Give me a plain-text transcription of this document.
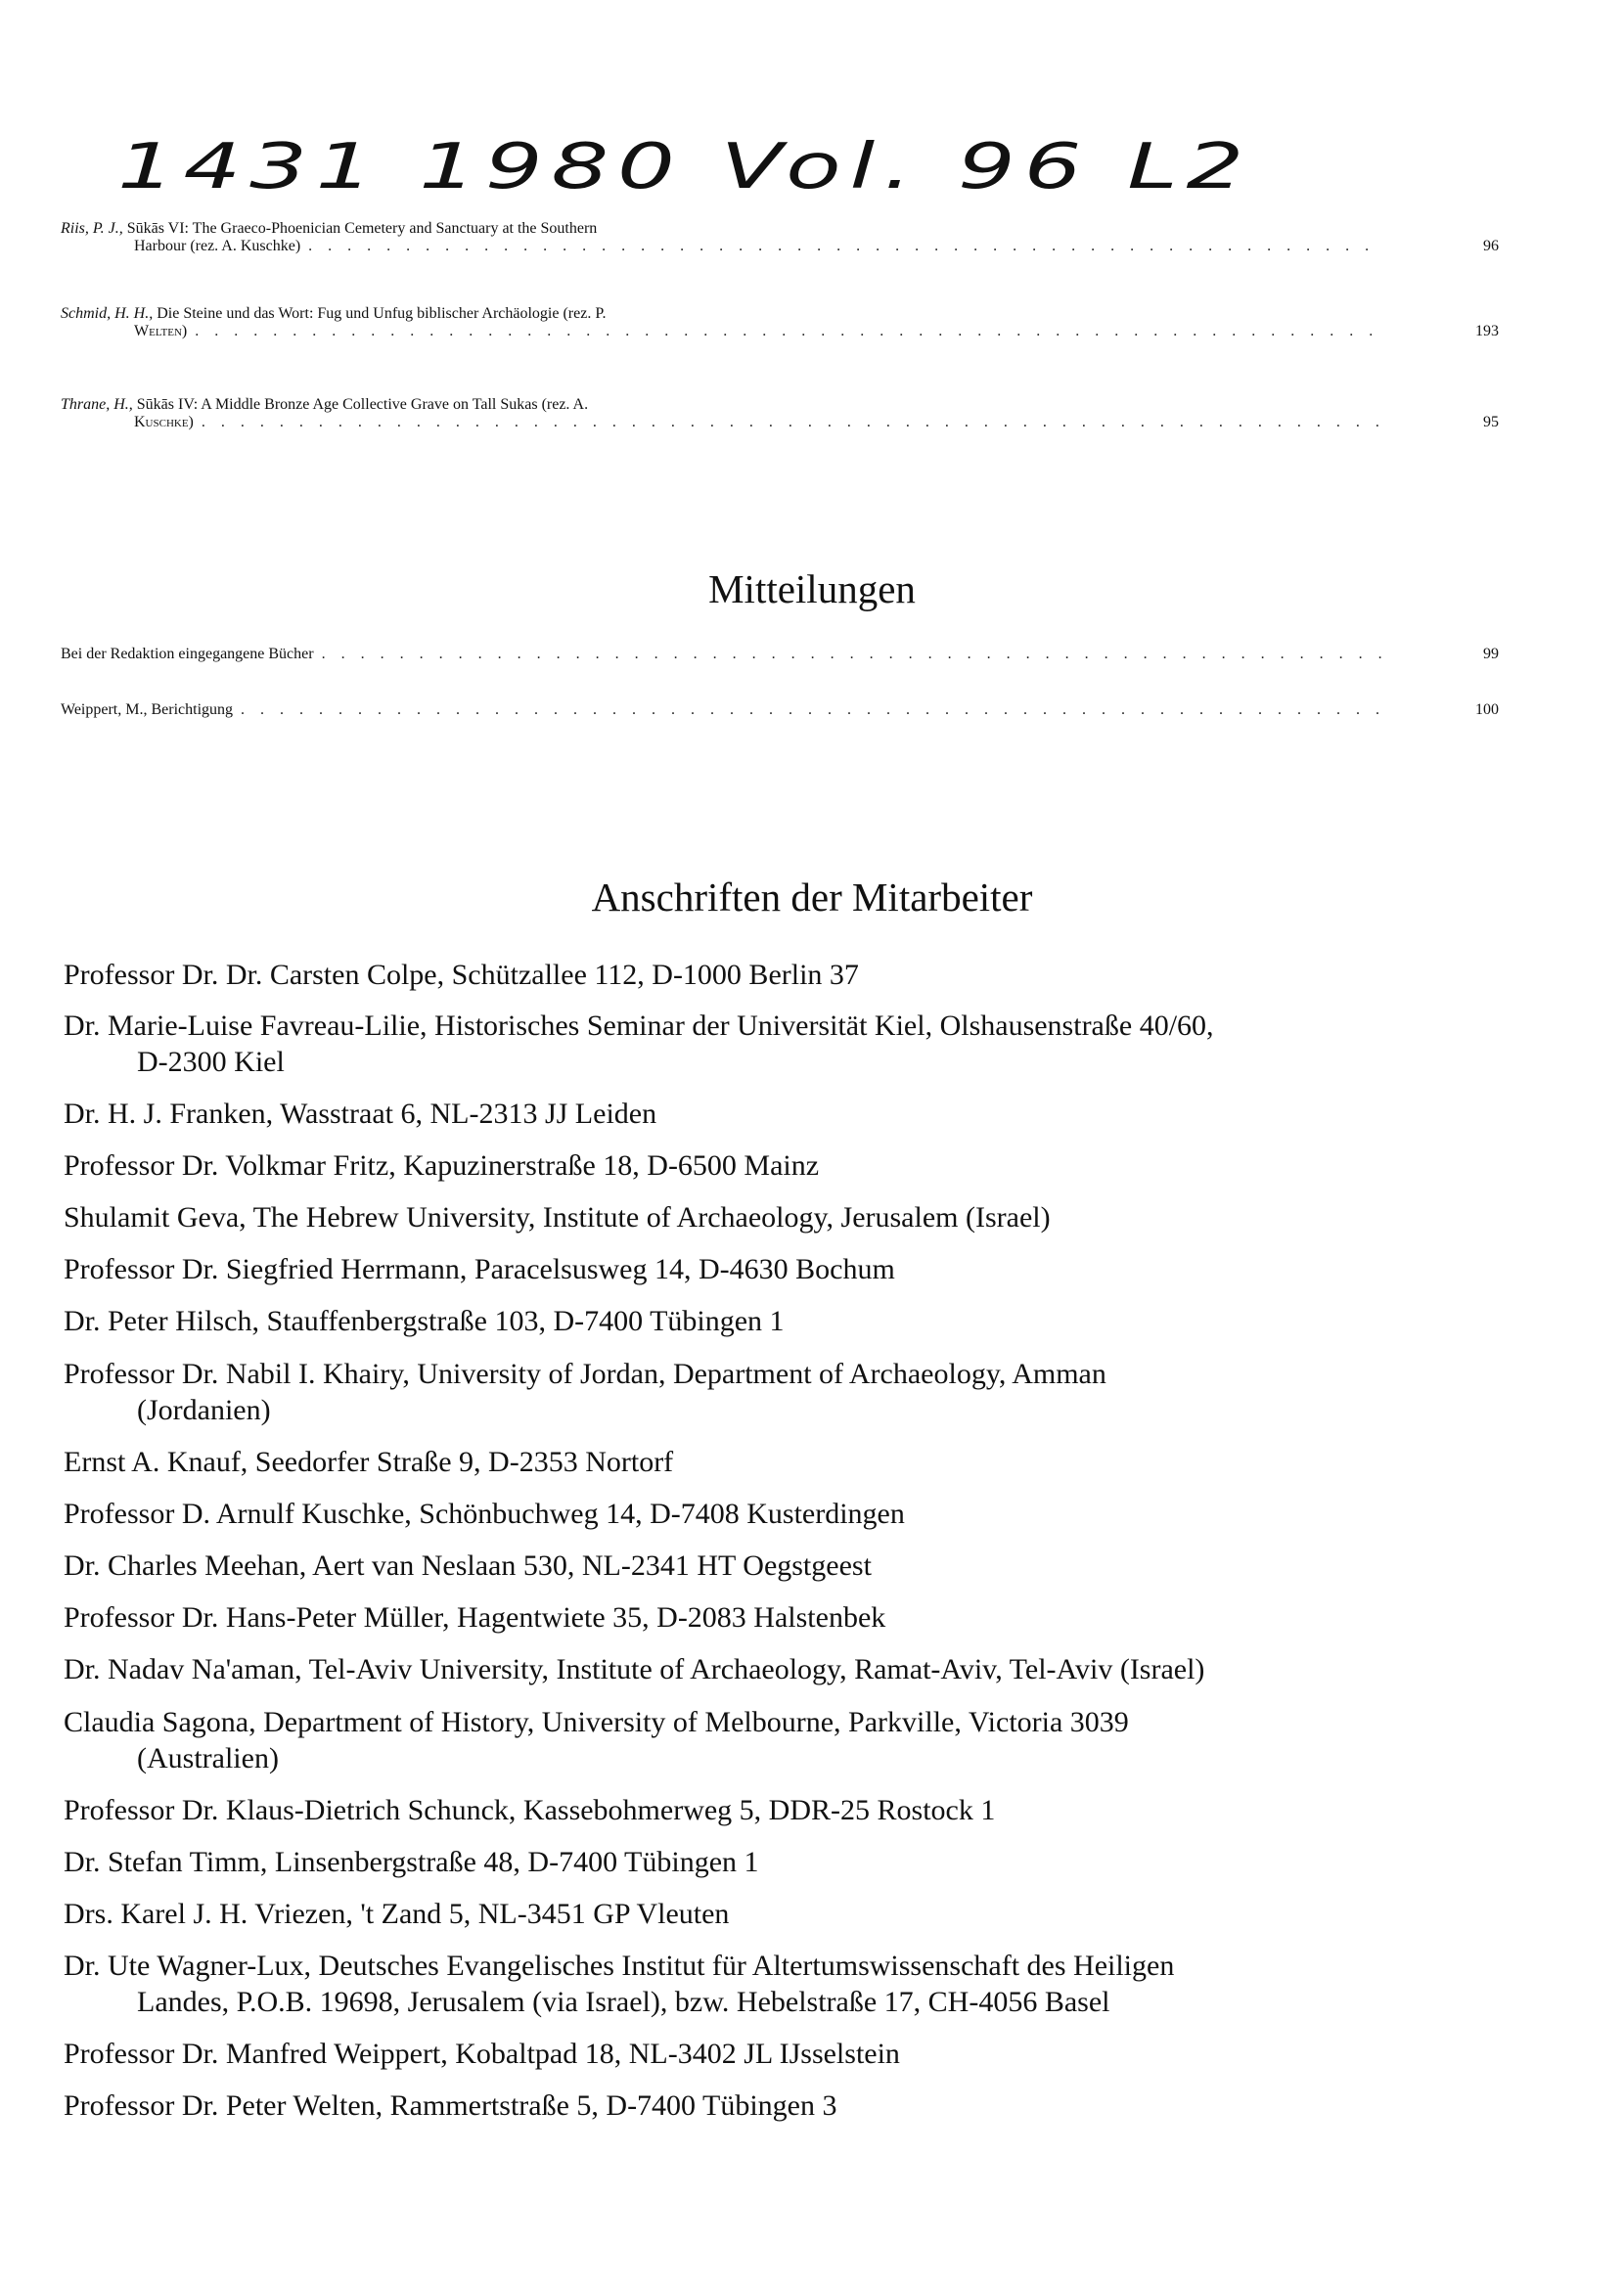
1431 1980 Vol. 96 L2
Riis, P. J., Sūkās VI: The Graeco-Phoenician Cemetery and Sanctuary at the Southern
Harbour (rez. A. Kuschke) . . .	96
Schmid, H. H., Die Steine und das Wort: Fug und Unfug biblischer Archäologie (rez. P.
Welten) . . .	193
Thrane, H., Sūkās IV: A Middle Bronze Age Collective Grave on Tall Sukas (rez. A.
Kuschke) . . .	95
Mitteilungen
Bei der Redaktion eingegangene Bücher . . .	99
Weippert, M., Berichtigung . . .	100
Anschriften der Mitarbeiter
Professor Dr. Dr. Carsten Colpe, Schützallee 112, D-1000 Berlin 37
Dr. Marie-Luise Favreau-Lilie, Historisches Seminar der Universität Kiel, Olshausenstraße 40/60,
D-2300 Kiel
Dr. H. J. Franken, Wasstraat 6, NL-2313 JJ Leiden
Professor Dr. Volkmar Fritz, Kapuzinerstraße 18, D-6500 Mainz
Shulamit Geva, The Hebrew University, Institute of Archaeology, Jerusalem (Israel)
Professor Dr. Siegfried Herrmann, Paracelsusweg 14, D-4630 Bochum
Dr. Peter Hilsch, Stauffenbergstraße 103, D-7400 Tübingen 1
Professor Dr. Nabil I. Khairy, University of Jordan, Department of Archaeology, Amman
(Jordanien)
Ernst A. Knauf, Seedorfer Straße 9, D-2353 Nortorf
Professor D. Arnulf Kuschke, Schönbuchweg 14, D-7408 Kusterdingen
Dr. Charles Meehan, Aert van Neslaan 530, NL-2341 HT Oegstgeest
Professor Dr. Hans-Peter Müller, Hagentwiete 35, D-2083 Halstenbek
Dr. Nadav Na'aman, Tel-Aviv University, Institute of Archaeology, Ramat-Aviv, Tel-Aviv (Israel)
Claudia Sagona, Department of History, University of Melbourne, Parkville, Victoria 3039
(Australien)
Professor Dr. Klaus-Dietrich Schunck, Kassebohmerweg 5, DDR-25 Rostock 1
Dr. Stefan Timm, Linsenbergstraße 48, D-7400 Tübingen 1
Drs. Karel J. H. Vriezen, 't Zand 5, NL-3451 GP Vleuten
Dr. Ute Wagner-Lux, Deutsches Evangelisches Institut für Altertumswissenschaft des Heiligen
Landes, P.O.B. 19698, Jerusalem (via Israel), bzw. Hebelstraße 17, CH-4056 Basel
Professor Dr. Manfred Weippert, Kobaltpad 18, NL-3402 JL IJsselstein
Professor Dr. Peter Welten, Rammertstraße 5, D-7400 Tübingen 3
